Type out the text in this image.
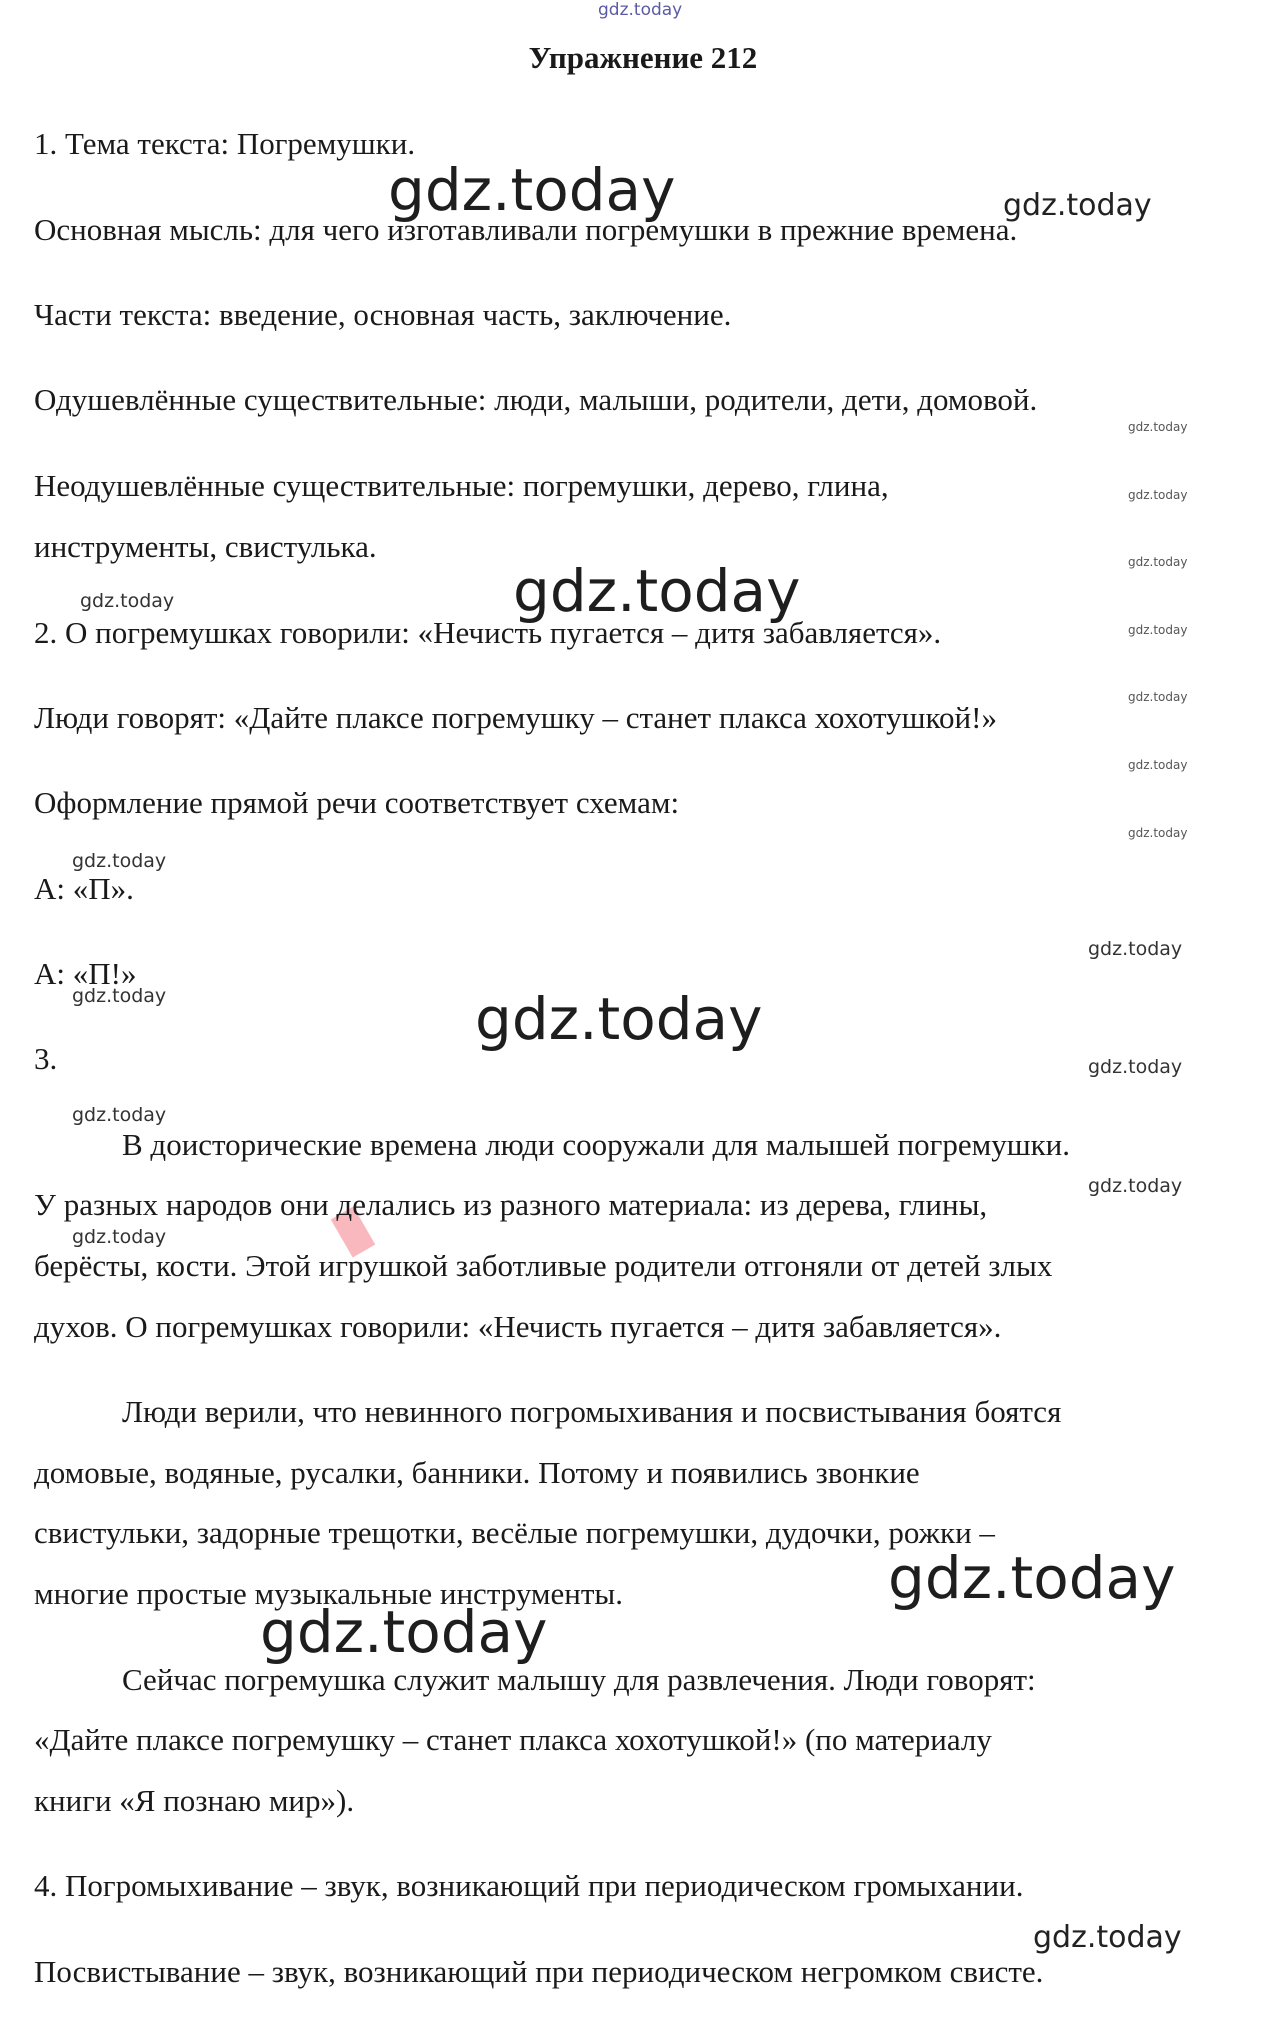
gdz.today
gdz.today	gdz.today
gdz.today
gdz.today
gdz.today
gdz.today
gdz.today
gdz.today
gdz.today
gdz.today
gdz.today
gdz.today
gdz.today
gdz.today	gdz.today
gdz.today
gdz.today
gdz.today
gdz.today
gdz.today
gdz.today
gdz.today
Упражнение 212
1. Тема текста: Погремушки.
Основная мысль: для чего изготавливали погремушки в прежние времена.
Части текста: введение, основная часть, заключение.
Одушевлённые существительные: люди, малыши, родители, дети, домовой.
Неодушевлённые существительные: погремушки, дерево, глина,
инструменты, свистулька.
2. О погремушках говорили: «Нечисть пугается – дитя забавляется».
Люди говорят: «Дайте плаксе погремушку – станет плакса хохотушкой!»
Оформление прямой речи соответствует схемам:
А: «П».
А: «П!»
3.
В доисторические времена люди сооружали для малышей погремушки.
У разных народов они делались из разного материала: из дерева, глины,
берёсты, кости. Этой игрушкой заботливые родители отгоняли от детей злых
духов. О погремушках говорили: «Нечисть пугается – дитя забавляется».
Люди верили, что невинного погромыхивания и посвистывания боятся
домовые, водяные, русалки, банники. Потому и появились звонкие
свистульки, задорные трещотки, весёлые погремушки, дудочки, рожки –
многие простые музыкальные инструменты.
Сейчас погремушка служит малышу для развлечения. Люди говорят:
«Дайте плаксе погремушку – станет плакса хохотушкой!» (по материалу
книги «Я познаю мир»).
4. Погромыхивание – звук, возникающий при периодическом громыхании.
Посвистывание – звук, возникающий при периодическом негромком свисте.
